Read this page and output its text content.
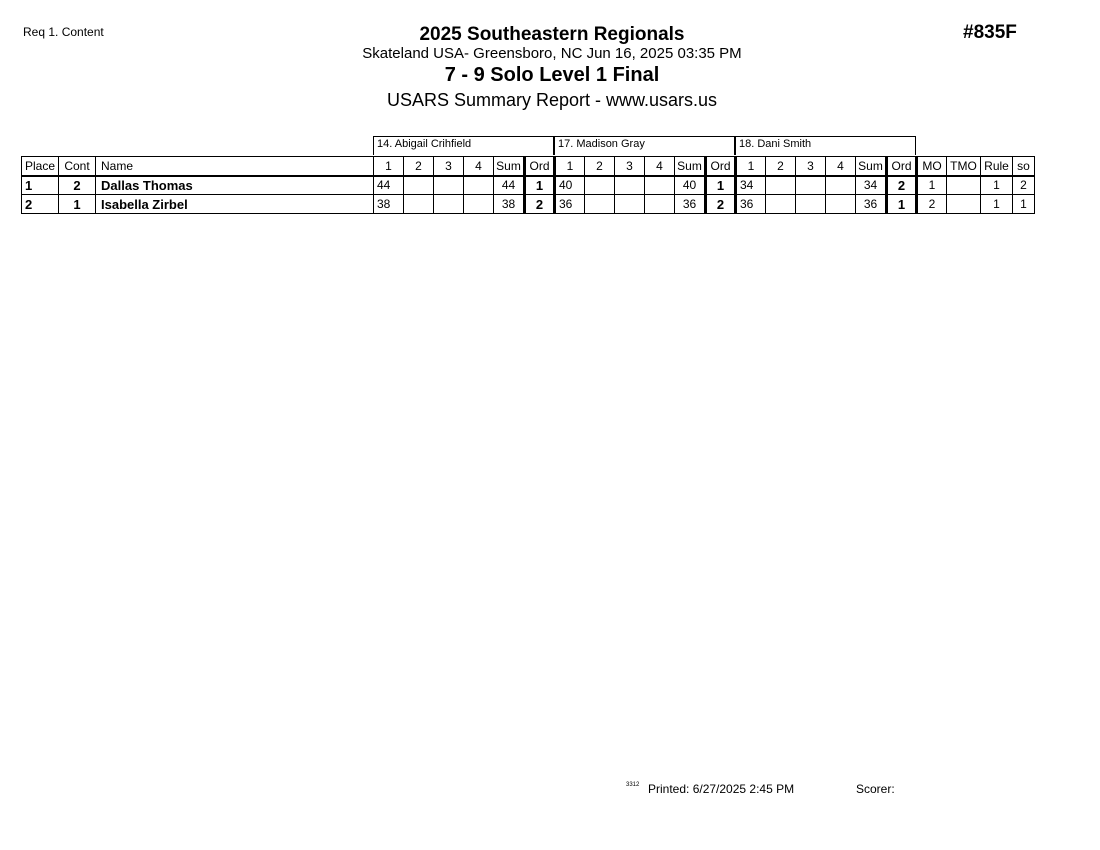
Req 1. Content	#835F
2025 Southeastern Regionals
Skateland USA- Greensboro, NC Jun 16, 2025 03:35 PM
7 - 9 Solo Level 1 Final
USARS Summary Report - www.usars.us
14. Abigail Crihfield	17. Madison Gray	18. Dani Smith
Place	Cont	Name	1	2	3	4	Sum	Ord	1	2	3	4	Sum	Ord	1	2	3	4	Sum	Ord	MO	TMO	Rule	so
1	2	Dallas Thomas	44				44	1	40				40	1	34				34	2	1		1	2
2	1	Isabella Zirbel	38				38	2	36				36	2	36				36	1	2		1	1
3312 Printed: 6/27/2025 2:45 PM	Scorer:
